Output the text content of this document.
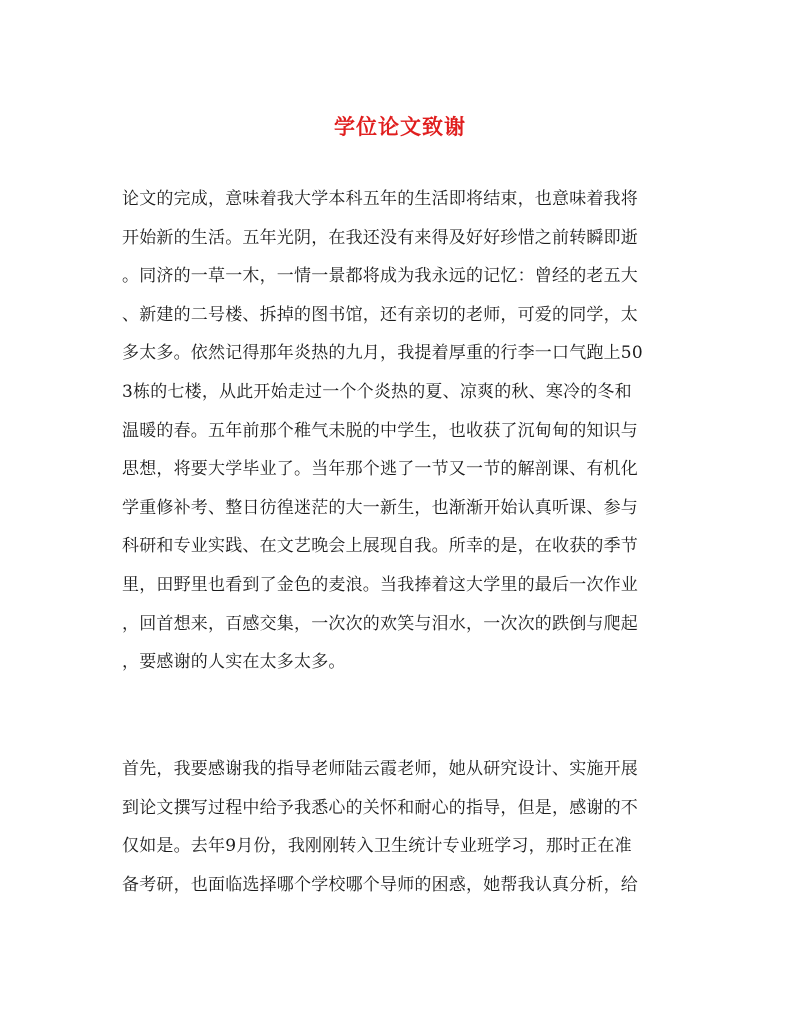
学位论文致谢
论文的完成，意味着我大学本科五年的生活即将结束，也意味着我将
开始新的生活。五年光阴，在我还没有来得及好好珍惜之前转瞬即逝
。同济的一草一木，一情一景都将成为我永远的记忆：曾经的老五大
、新建的二号楼、拆掉的图书馆，还有亲切的老师，可爱的同学，太
多太多。依然记得那年炎热的九月，我提着厚重的行李一口气跑上50
3栋的七楼，从此开始走过一个个炎热的夏、凉爽的秋、寒冷的冬和
温暖的春。五年前那个稚气未脱的中学生，也收获了沉甸甸的知识与
思想，将要大学毕业了。当年那个逃了一节又一节的解剖课、有机化
学重修补考、整日彷徨迷茫的大一新生，也渐渐开始认真听课、参与
科研和专业实践、在文艺晚会上展现自我。所幸的是，在收获的季节
里，田野里也看到了金色的麦浪。当我捧着这大学里的最后一次作业
，回首想来，百感交集，一次次的欢笑与泪水，一次次的跌倒与爬起
，要感谢的人实在太多太多。
首先，我要感谢我的指导老师陆云霞老师，她从研究设计、实施开展
到论文撰写过程中给予我悉心的关怀和耐心的指导，但是，感谢的不
仅如是。去年9月份，我刚刚转入卫生统计专业班学习，那时正在准
备考研，也面临选择哪个学校哪个导师的困惑，她帮我认真分析，给
